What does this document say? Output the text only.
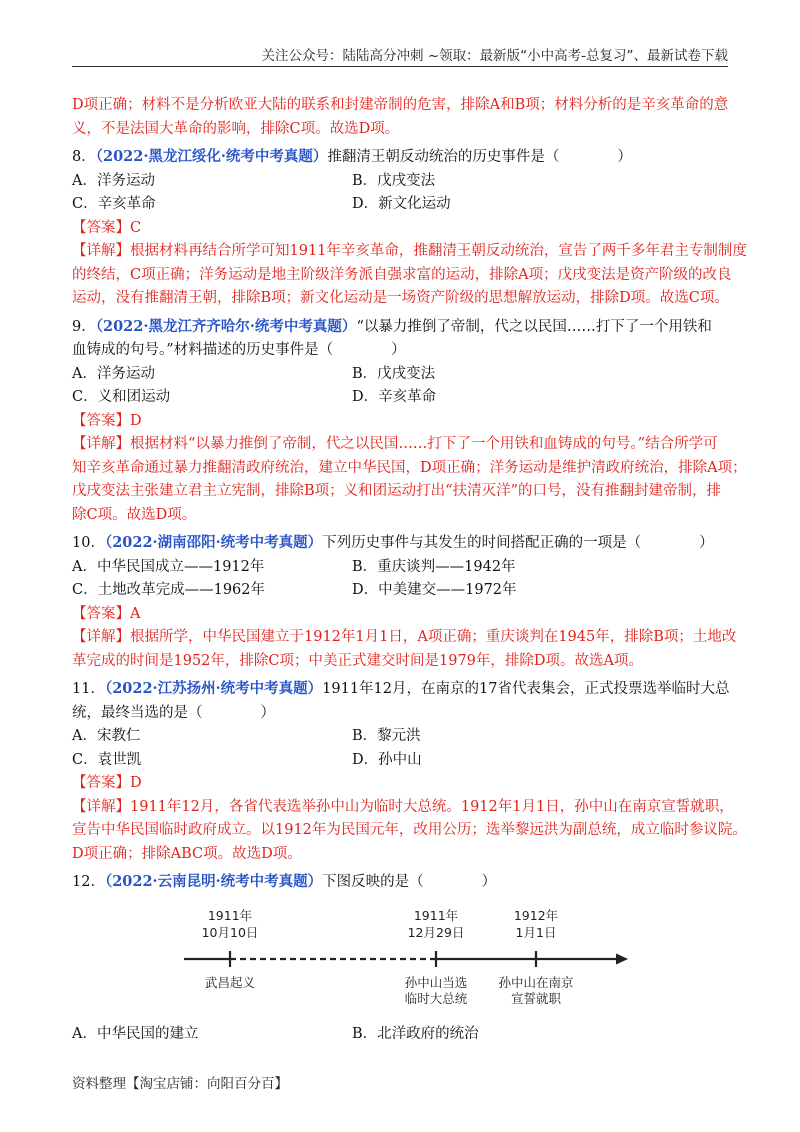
关注公众号：陆陆高分冲刺 ~领取：最新版“小中高考-总复习”、最新试卷下载
D项正确；材料不是分析欧亚大陆的联系和封建帝制的危害，排除A和B项；材料分析的是辛亥革命的意
义，不是法国大革命的影响，排除C项。故选D项。
8．（2022·黑龙江绥化·统考中考真题）推翻清王朝反动统治的历史事件是（　　　　）
A．洋务运动	B．戊戌变法
C．辛亥革命	D．新文化运动
【答案】C
【详解】根据材料再结合所学可知1911年辛亥革命，推翻清王朝反动统治，宣告了两千多年君主专制制度
的终结，C项正确；洋务运动是地主阶级洋务派自强求富的运动，排除A项；戊戌变法是资产阶级的改良
运动，没有推翻清王朝，排除B项；新文化运动是一场资产阶级的思想解放运动，排除D项。故选C项。
9．（2022·黑龙江齐齐哈尔·统考中考真题）“以暴力推倒了帝制，代之以民国……打下了一个用铁和
血铸成的句号。”材料描述的历史事件是（　　　　）
A．洋务运动	B．戊戌变法
C．义和团运动	D．辛亥革命
【答案】D
【详解】根据材料“以暴力推倒了帝制，代之以民国……打下了一个用铁和血铸成的句号。”结合所学可
知辛亥革命通过暴力推翻清政府统治，建立中华民国，D项正确；洋务运动是维护清政府统治，排除A项；
戊戌变法主张建立君主立宪制，排除B项；义和团运动打出“扶清灭洋”的口号，没有推翻封建帝制，排
除C项。故选D项。
10．（2022·湖南邵阳·统考中考真题）下列历史事件与其发生的时间搭配正确的一项是（　　　　）
A．中华民国成立——1912年	B．重庆谈判——1942年
C．土地改革完成——1962年	D．中美建交——1972年
【答案】A
【详解】根据所学，中华民国建立于1912年1月1日，A项正确；重庆谈判在1945年，排除B项；土地改
革完成的时间是1952年，排除C项；中美正式建交时间是1979年，排除D项。故选A项。
11．（2022·江苏扬州·统考中考真题）1911年12月，在南京的17省代表集会，正式投票选举临时大总
统，最终当选的是（　　　　）
A．宋教仁	B．黎元洪
C．袁世凯	D．孙中山
【答案】D
【详解】1911年12月，各省代表选举孙中山为临时大总统。1912年1月1日，孙中山在南京宣誓就职，
宣告中华民国临时政府成立。以1912年为民国元年，改用公历；选举黎远洪为副总统，成立临时参议院。
D项正确；排除ABC项。故选D项。
12．（2022·云南昆明·统考中考真题）下图反映的是（　　　　）
1911年
10月10日
武昌起义
1911年
12月29日
孙中山当选
临时大总统
1912年
1月1日
孙中山在南京
宣誓就职
A．中华民国的建立	B．北洋政府的统治
资料整理【淘宝店铺：向阳百分百】
